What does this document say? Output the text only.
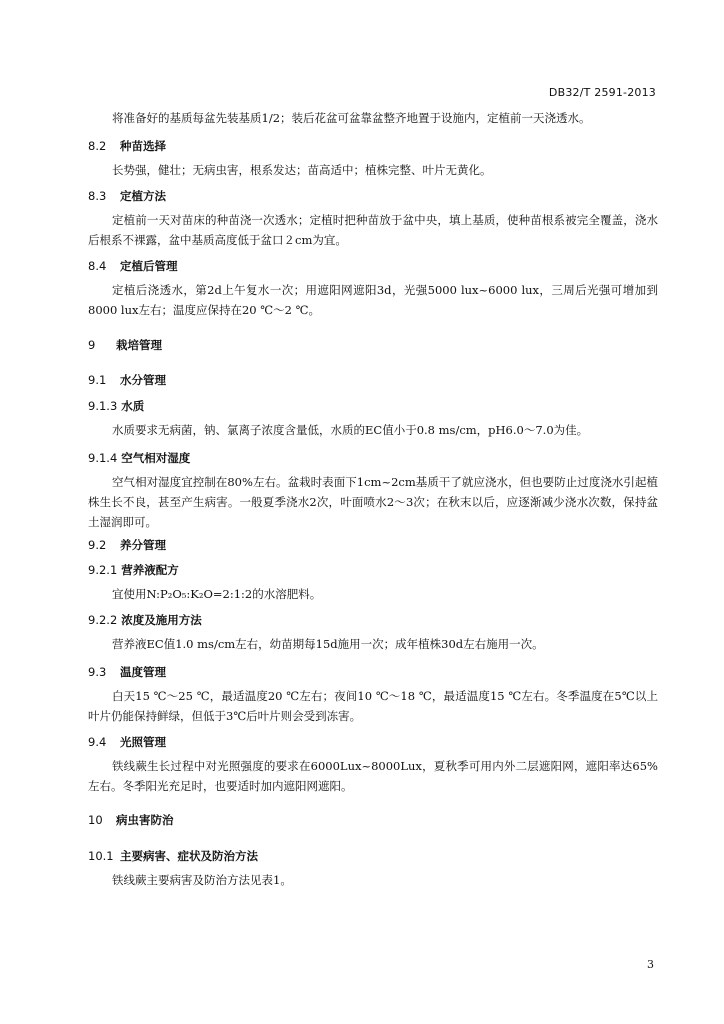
DB32/T 2591-2013
将准备好的基质每盆先装基质1/2；装后花盆可盆靠盆整齐地置于设施内，定植前一天浇透水。
8.2 种苗选择
长势强，健壮；无病虫害，根系发达；苗高适中；植株完整、叶片无黄化。
8.3 定植方法
定植前一天对苗床的种苗浇一次透水；定植时把种苗放于盆中央，填上基质，使种苗根系被完全覆盖，浇水后根系不裸露，盆中基质高度低于盆口２cm为宜。
8.4 定植后管理
定植后浇透水，第2d上午复水一次；用遮阳网遮阳3d，光强5000 lux~6000 lux，三周后光强可增加到8000 lux左右；温度应保持在20 ℃～2 ℃。
9 栽培管理
9.1 水分管理
9.1.3 水质
水质要求无病菌，钠、氯离子浓度含量低，水质的EC值小于0.8 ms/cm，pH6.0～7.0为佳。
9.1.4 空气相对湿度
空气相对湿度宜控制在80%左右。盆栽时表面下1cm~2cm基质干了就应浇水，但也要防止过度浇水引起植株生长不良，甚至产生病害。一般夏季浇水2次，叶面喷水2～3次；在秋末以后，应逐渐减少浇水次数，保持盆土湿润即可。
9.2 养分管理
9.2.1 营养液配方
宜使用N:P₂O₅:K₂O=2:1:2的水溶肥料。
9.2.2 浓度及施用方法
营养液EC值1.0 ms/cm左右，幼苗期每15d施用一次；成年植株30d左右施用一次。
9.3 温度管理
白天15 ℃～25 ℃，最适温度20 ℃左右；夜间10 ℃～18 ℃，最适温度15 ℃左右。冬季温度在5℃以上叶片仍能保持鲜绿，但低于3℃后叶片则会受到冻害。
9.4 光照管理
铁线蕨生长过程中对光照强度的要求在6000Lux~8000Lux，夏秋季可用内外二层遮阳网，遮阳率达65%左右。冬季阳光充足时，也要适时加内遮阳网遮阳。
10 病虫害防治
10.1 主要病害、症状及防治方法
铁线蕨主要病害及防治方法见表1。
3
